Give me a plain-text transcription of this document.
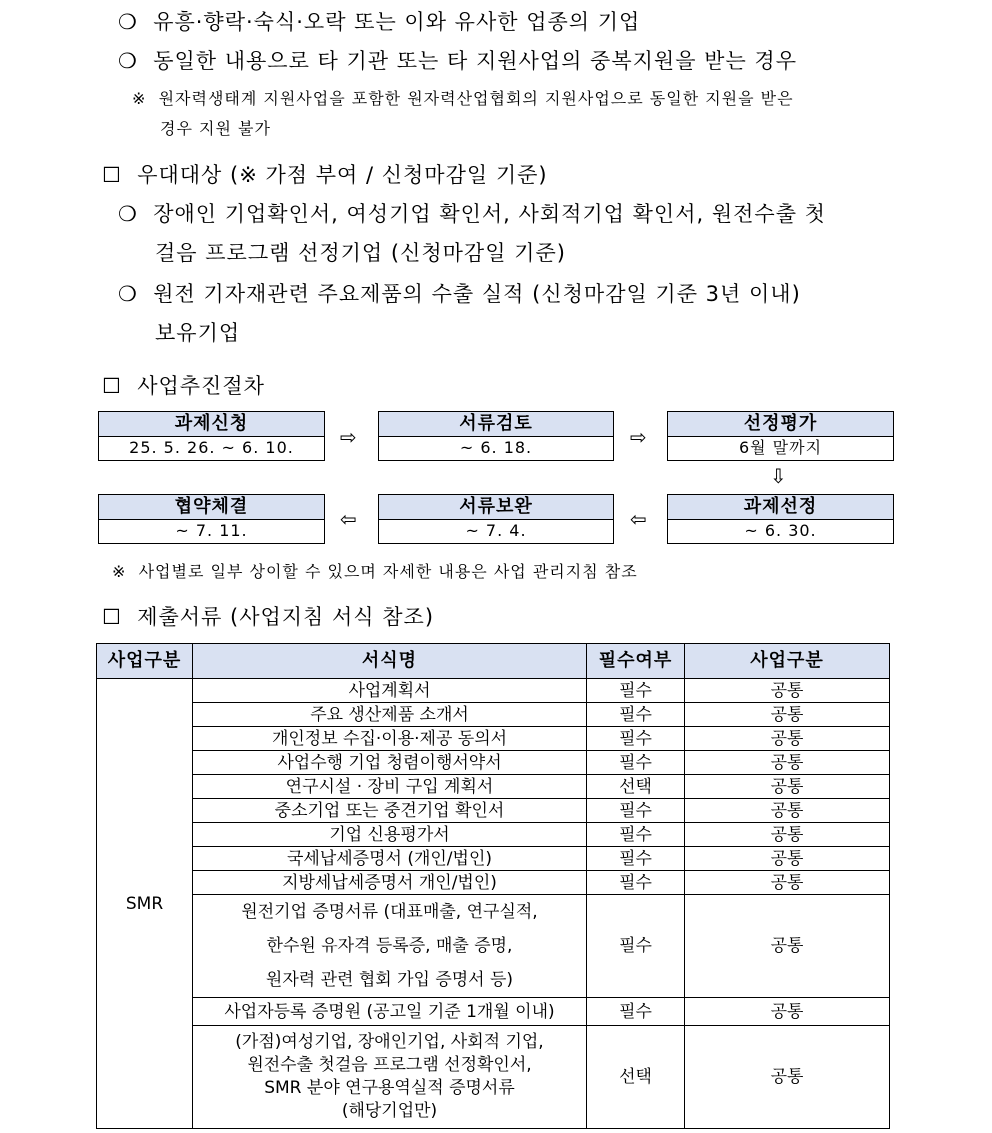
❍ 유흥·향락·숙식·오락 또는 이와 유사한 업종의 기업
❍ 동일한 내용으로 타 기관 또는 타 지원사업의 중복지원을 받는 경우
※ 원자력생태계 지원사업을 포함한 원자력산업협회의 지원사업으로 동일한 지원을 받은
경우 지원 불가
☐ 우대대상 (※ 가점 부여 / 신청마감일 기준)
❍ 장애인 기업확인서, 여성기업 확인서, 사회적기업 확인서, 원전수출 첫
걸음 프로그램 선정기업 (신청마감일 기준)
❍ 원전 기자재관련 주요제품의 수출 실적 (신청마감일 기준 3년 이내)
보유기업
☐ 사업추진절차
과제신청
25. 5. 26. ~ 6. 10.
서류검토
~ 6. 18.
선정평가
6월 말까지
과제선정
~ 6. 30.
서류보완
~ 7. 4.
협약체결
~ 7. 11.
⇨	⇨
⇩
⇦
⇦
※ 사업별로 일부 상이할 수 있으며 자세한 내용은 사업 관리지침 참조
☐ 제출서류 (사업지침 서식 참조)
사업구분	서식명	필수여부	사업구분
SMR	사업계획서	필수	공통
	주요 생산제품 소개서	필수	공통
	개인정보 수집·이용·제공 동의서	필수	공통
	사업수행 기업 청렴이행서약서	필수	공통
	연구시설 · 장비 구입 계획서	선택	공통
	중소기업 또는 중견기업 확인서	필수	공통
	기업 신용평가서	필수	공통
	국세납세증명서 (개인/법인)	필수	공통
	지방세납세증명서 개인/법인)	필수	공통

	원전기업 증명서류 (대표매출, 연구실적,
한수원 유자격 등록증, 매출 증명,
원자력 관련 협회 가입 증명서 등)	필수	공통
	사업자등록 증명원 (공고일 기준 1개월 이내)	필수	공통

	(가점)여성기업, 장애인기업, 사회적 기업,
원전수출 첫걸음 프로그램 선정확인서,
SMR 분야 연구용역실적 증명서류
(해당기업만)	선택	공통
